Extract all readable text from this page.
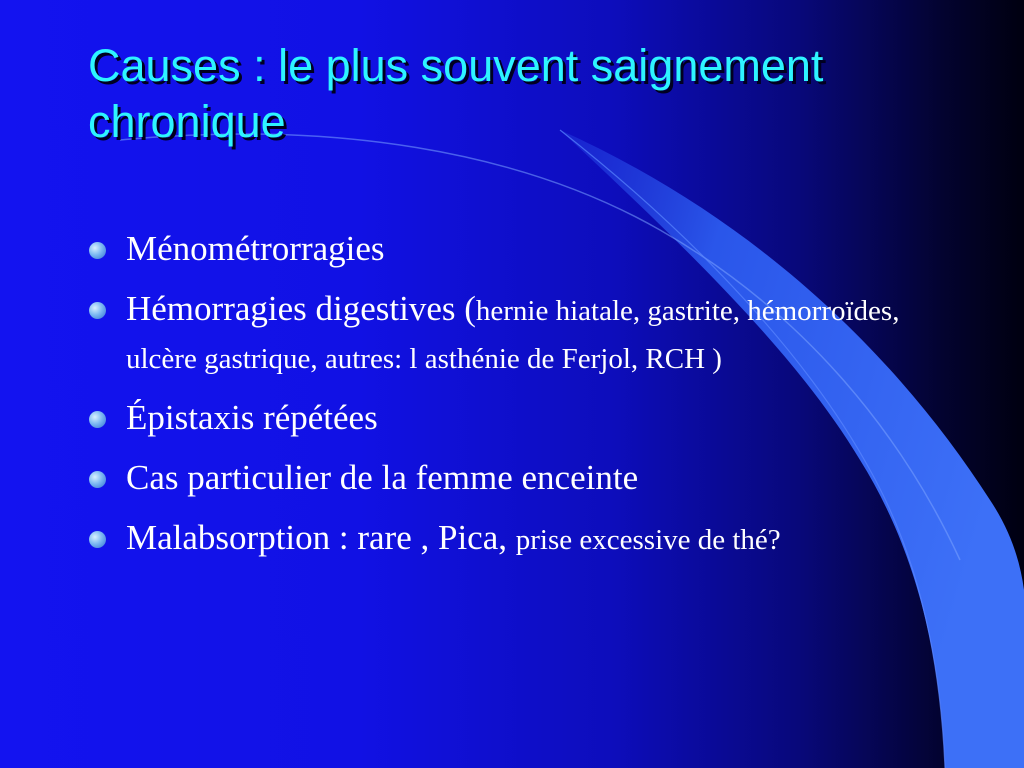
Causes : le plus souvent saignement chronique
Ménométrorragies
Hémorragies digestives (hernie hiatale, gastrite, hémorroïdes, ulcère gastrique, autres: l asthénie de Ferjol, RCH )
Épistaxis répétées
Cas particulier de la femme enceinte
Malabsorption : rare , Pica, prise excessive de thé?
